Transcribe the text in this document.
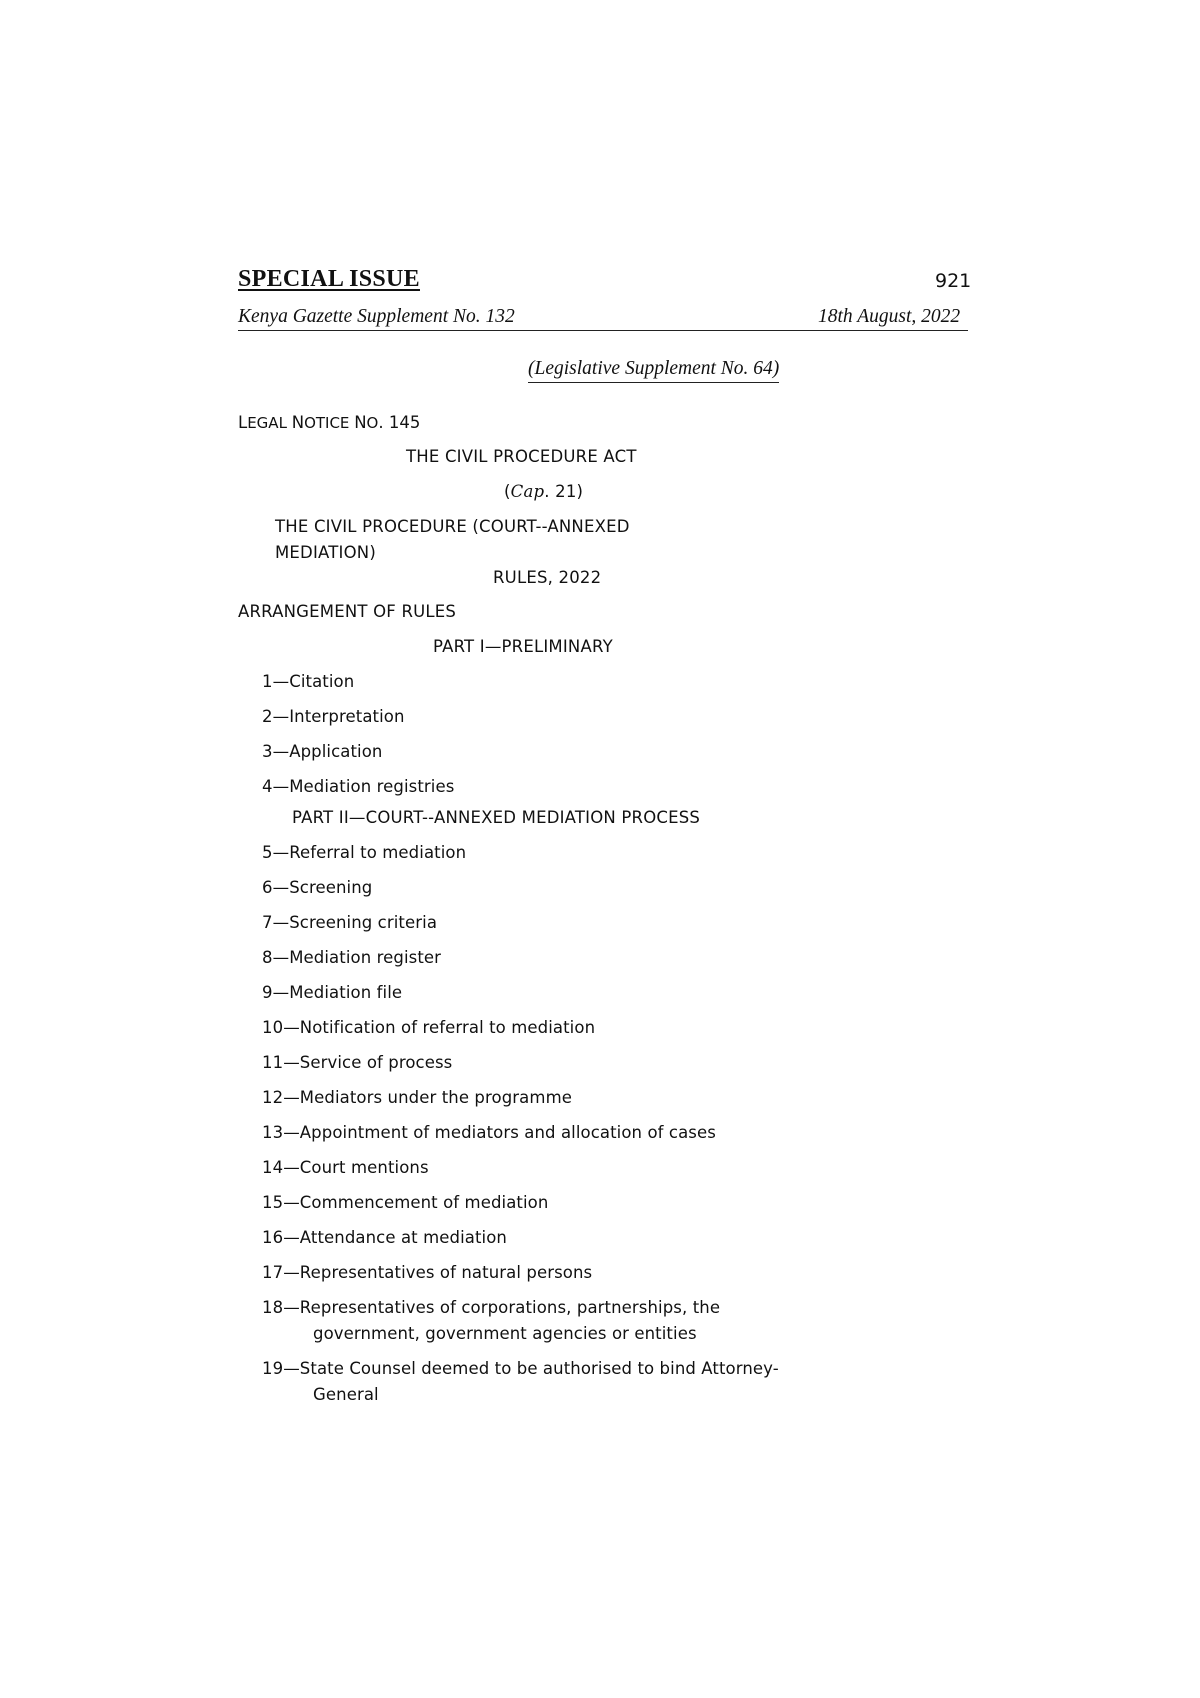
SPECIAL ISSUE	921
Kenya Gazette Supplement No. 132	18th August, 2022
(Legislative Supplement No. 64)
LEGAL NOTICE NO. 145
THE CIVIL PROCEDURE ACT
(Cap. 21)
THE CIVIL PROCEDURE (COURT--ANNEXED
MEDIATION)
RULES, 2022
ARRANGEMENT OF RULES
PART I—PRELIMINARY
1—Citation
2—Interpretation
3—Application
4—Mediation registries
PART II—COURT--ANNEXED MEDIATION PROCESS
5—Referral to mediation
6—Screening
7—Screening criteria
8—Mediation register
9—Mediation file
10—Notification of referral to mediation
11—Service of process
12—Mediators under the programme
13—Appointment of mediators and allocation of cases
14—Court mentions
15—Commencement of mediation
16—Attendance at mediation
17—Representatives of natural persons
18—Representatives of corporations, partnerships, the
government, government agencies or entities
19—State Counsel deemed to be authorised to bind Attorney-
General
